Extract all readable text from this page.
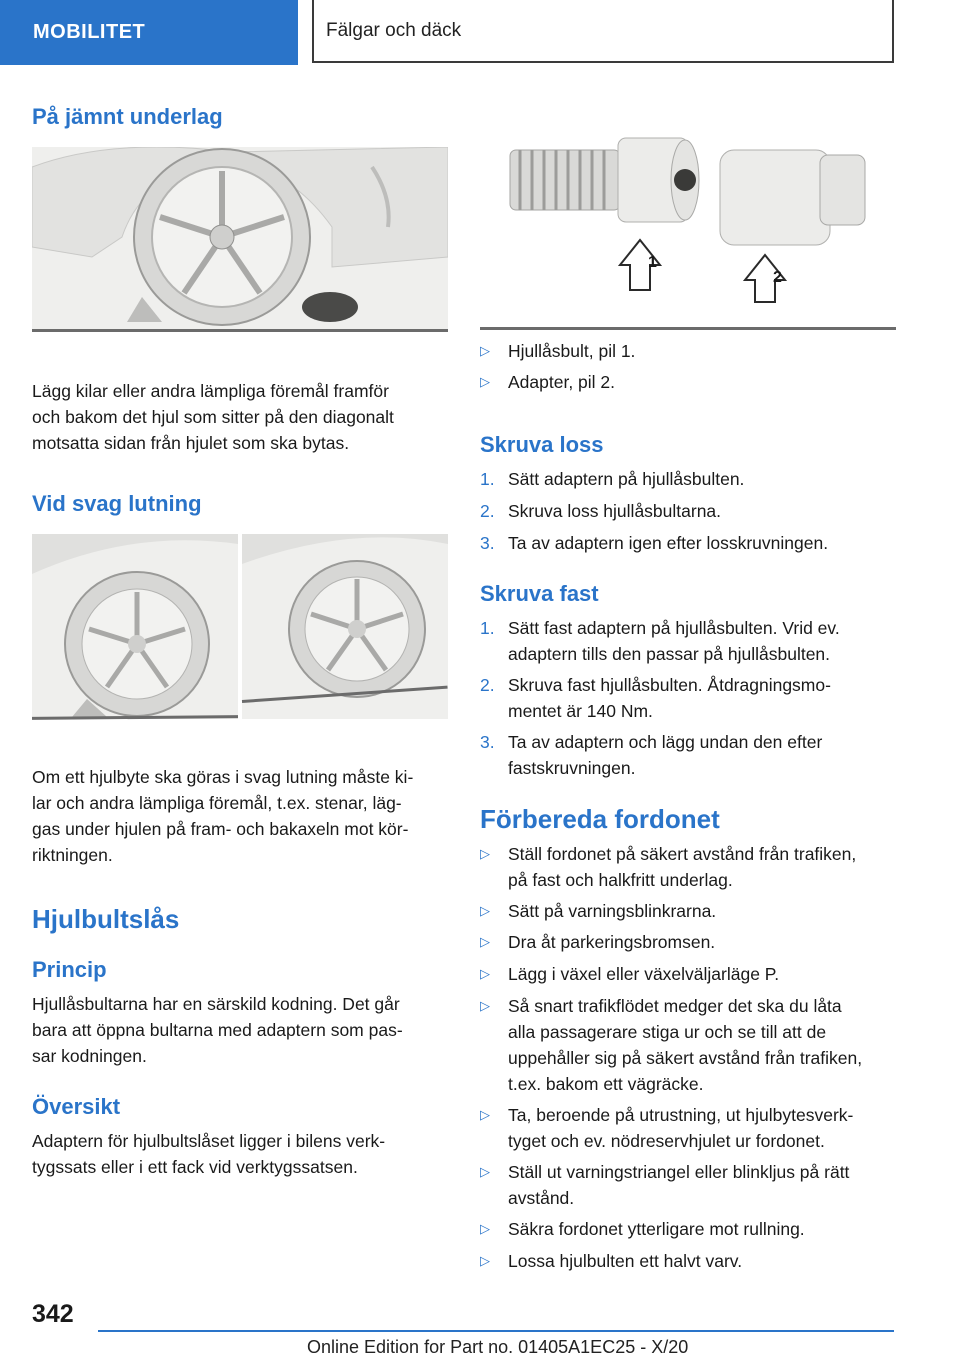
MOBILITET	Fälgar och däck
På jämnt underlag

Lägg kilar eller andra lämpliga föremål framför
och bakom det hjul som sitter på den diagonalt
motsatta sidan från hjulet som ska bytas.

Vid svag lutning

Om ett hjulbyte ska göras i svag lutning måste ki-
lar och andra lämpliga föremål, t.ex. stenar, läg-
gas under hjulen på fram- och bakaxeln mot kör-
riktningen.

Hjulbultslås
Princip

Hjullåsbultarna har en särskild kodning. Det går
bara att öppna bultarna med adaptern som pas-
sar kodningen.

Översikt

Adaptern för hjulbultslåset ligger i bilens verk-
tygssats eller i ett fack vid verktygssatsen.

1
2
▷ Hjullåsbult, pil 1.
▷ Adapter, pil 2.
Skruva loss
1. Sätt adaptern på hjullåsbulten.
2. Skruva loss hjullåsbultarna.
3. Ta av adaptern igen efter losskruvningen.
Skruva fast
1. Sätt fast adaptern på hjullåsbulten. Vrid ev.
adaptern tills den passar på hjullåsbulten.
2. Skruva fast hjullåsbulten. Åtdragningsmo-
mentet är 140 Nm.
3. Ta av adaptern och lägg undan den efter
fastskruvningen.
Förbereda fordonet
▷ Ställ fordonet på säkert avstånd från trafiken,
på fast och halkfritt underlag.
▷ Sätt på varningsblinkrarna.
▷ Dra åt parkeringsbromsen.
▷ Lägg i växel eller växelväljarläge P.
▷ Så snart trafikflödet medger det ska du låta
alla passagerare stiga ur och se till att de
uppehåller sig på säkert avstånd från trafiken,
t.ex. bakom ett vägräcke.
▷ Ta, beroende på utrustning, ut hjulbytesverk-
tyget och ev. nödreservhjulet ur fordonet.
▷ Ställ ut varningstriangel eller blinkljus på rätt
avstånd.
▷ Säkra fordonet ytterligare mot rullning.
▷ Lossa hjulbulten ett halvt varv.
342
Online Edition for Part no. 01405A1EC25 - X/20
